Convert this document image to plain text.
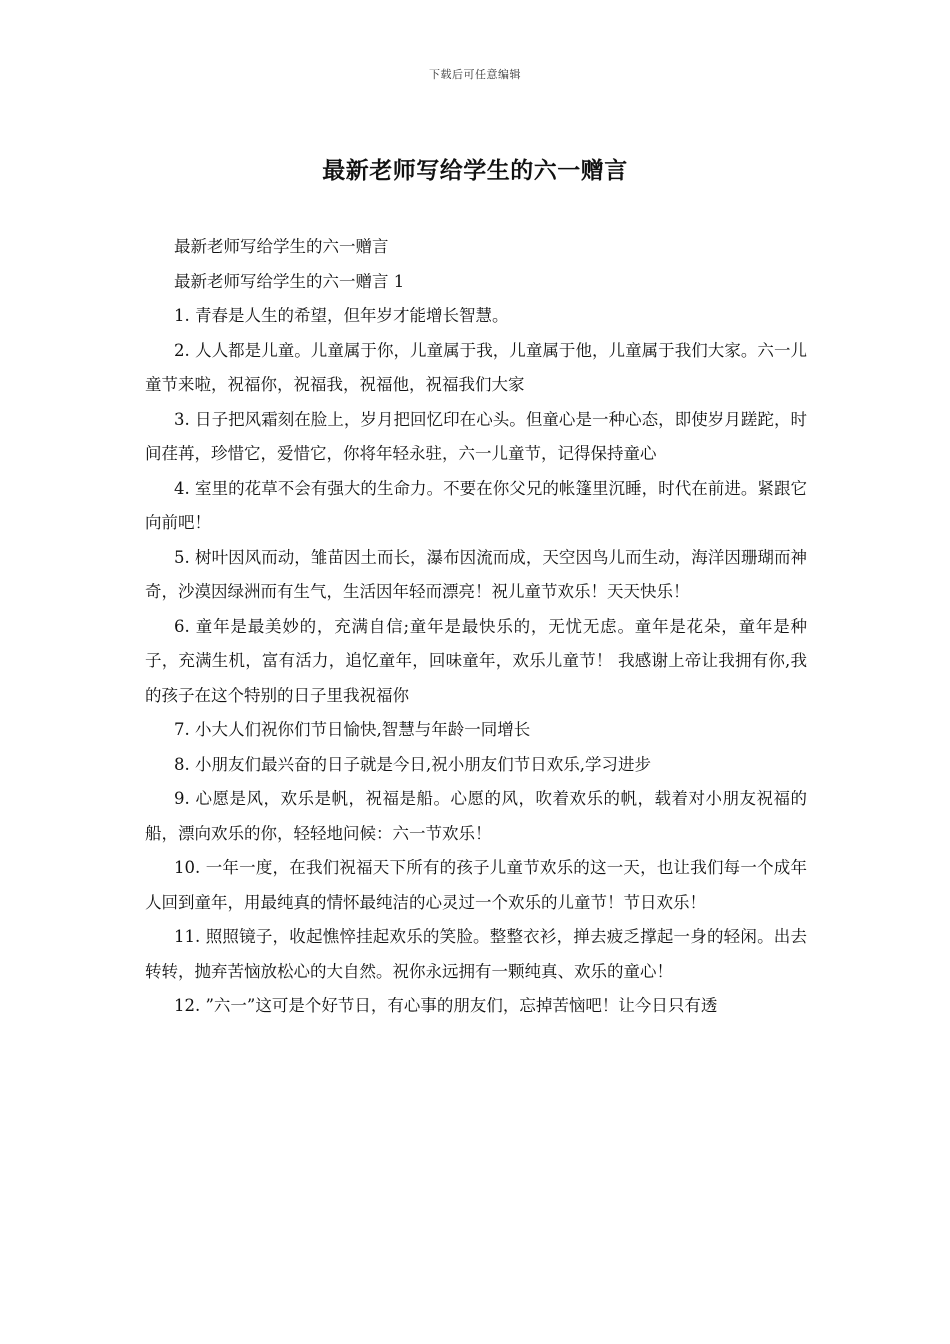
下载后可任意编辑
最新老师写给学生的六一赠言

最新老师写给学生的六一赠言

最新老师写给学生的六一赠言 1

1. 青春是人生的希望，但年岁才能增长智慧。

2. 人人都是儿童。儿童属于你，儿童属于我，儿童属于他，儿童属于我们大家。六一儿童节来啦，祝福你，祝福我，祝福他，祝福我们大家

3. 日子把风霜刻在脸上，岁月把回忆印在心头。但童心是一种心态，即使岁月蹉跎，时间荏苒，珍惜它，爱惜它，你将年轻永驻，六一儿童节，记得保持童心

4. 室里的花草不会有强大的生命力。不要在你父兄的帐篷里沉睡，时代在前进。紧跟它向前吧！

5. 树叶因风而动，雏苗因土而长，瀑布因流而成，天空因鸟儿而生动，海洋因珊瑚而神奇，沙漠因绿洲而有生气，生活因年轻而漂亮！祝儿童节欢乐！天天快乐！

6. 童年是最美妙的，充满自信;童年是最快乐的，无忧无虑。童年是花朵，童年是种子，充满生机，富有活力，追忆童年，回味童年，欢乐儿童节！ 我感谢上帝让我拥有你,我的孩子在这个特别的日子里我祝福你

7. 小大人们祝你们节日愉快,智慧与年龄一同增长

8. 小朋友们最兴奋的日子就是今日,祝小朋友们节日欢乐,学习进步

9. 心愿是风，欢乐是帆，祝福是船。心愿的风，吹着欢乐的帆，载着对小朋友祝福的船，漂向欢乐的你，轻轻地问候：六一节欢乐！

10. 一年一度，在我们祝福天下所有的孩子儿童节欢乐的这一天，也让我们每一个成年人回到童年，用最纯真的情怀最纯洁的心灵过一个欢乐的儿童节！节日欢乐！

11. 照照镜子，收起憔悴挂起欢乐的笑脸。整整衣衫，掸去疲乏撑起一身的轻闲。出去转转，抛弃苦恼放松心的大自然。祝你永远拥有一颗纯真、欢乐的童心！

12. ”六一”这可是个好节日，有心事的朋友们，忘掉苦恼吧！让今日只有透
